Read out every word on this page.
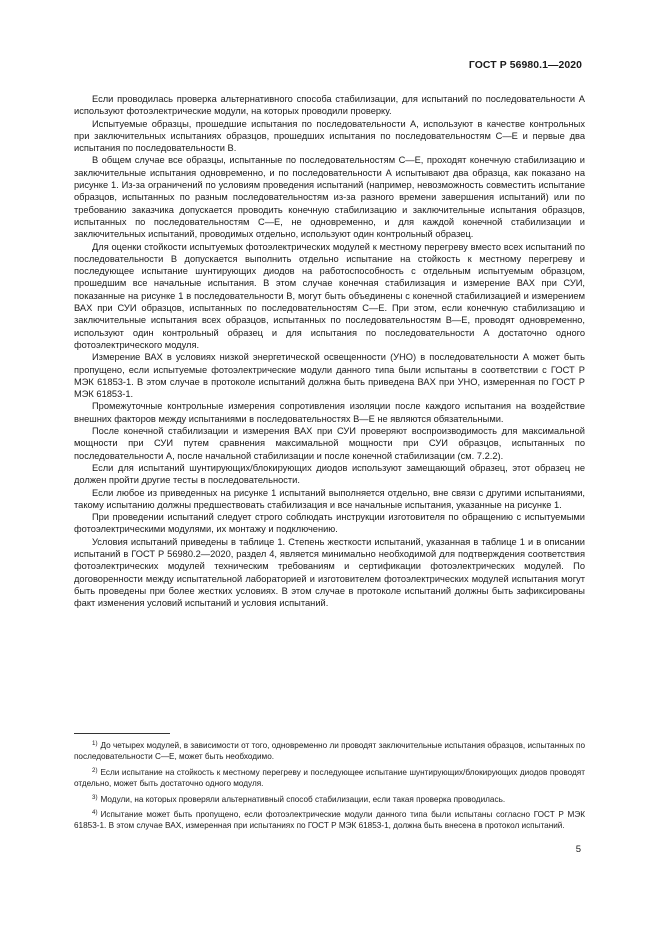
ГОСТ Р 56980.1—2020

Если проводилась проверка альтернативного способа стабилизации, для испытаний по последовательности А используют фотоэлектрические модули, на которых проводили проверку.

Испытуемые образцы, прошедшие испытания по последовательности А, используют в качестве контрольных при заключительных испытаниях образцов, прошедших испытания по последовательностям С—Е и первые два испытания по последовательности В.

В общем случае все образцы, испытанные по последовательностям С—Е, проходят конечную стабилизацию и заключительные испытания одновременно, и по последовательности А испытывают два образца, как показано на рисунке 1. Из-за ограничений по условиям проведения испытаний (например, невозможность совместить испытание образцов, испытанных по разным последовательностям из-за разного времени завершения испытаний) или по требованию заказчика допускается проводить конечную стабилизацию и заключительные испытания образцов, испытанных по последовательностям С—Е, не одновременно, и для каждой конечной стабилизации и заключительных испытаний, проводимых отдельно, используют один контрольный образец.

Для оценки стойкости испытуемых фотоэлектрических модулей к местному перегреву вместо всех испытаний по последовательности В допускается выполнить отдельно испытание на стойкость к местному перегреву и последующее испытание шунтирующих диодов на работоспособность с отдельным испытуемым образцом, прошедшим все начальные испытания. В этом случае конечная стабилизация и измерение ВАХ при СУИ, показанные на рисунке 1 в последовательности В, могут быть объединены с конечной стабилизацией и измерением ВАХ при СУИ образцов, испытанных по последовательностям С—Е. При этом, если конечную стабилизацию и заключительные испытания всех образцов, испытанных по последовательностям В—Е, проводят одновременно, используют один контрольный образец и для испытания по последовательности А достаточно одного фотоэлектрического модуля.

Измерение ВАХ в условиях низкой энергетической освещенности (УНО) в последовательности А может быть пропущено, если испытуемые фотоэлектрические модули данного типа были испытаны в соответствии с ГОСТ Р МЭК 61853-1. В этом случае в протоколе испытаний должна быть приведена ВАХ при УНО, измеренная по ГОСТ Р МЭК 61853-1.

Промежуточные контрольные измерения сопротивления изоляции после каждого испытания на воздействие внешних факторов между испытаниями в последовательностях В—Е не являются обязательными.

После конечной стабилизации и измерения ВАХ при СУИ проверяют воспроизводимость для максимальной мощности при СУИ путем сравнения максимальной мощности при СУИ образцов, испытанных по последовательности А, после начальной стабилизации и после конечной стабилизации (см. 7.2.2).

Если для испытаний шунтирующих/блокирующих диодов используют замещающий образец, этот образец не должен пройти другие тесты в последовательности.

Если любое из приведенных на рисунке 1 испытаний выполняется отдельно, вне связи с другими испытаниями, такому испытанию должны предшествовать стабилизация и все начальные испытания, указанные на рисунке 1.

При проведении испытаний следует строго соблюдать инструкции изготовителя по обращению с испытуемыми фотоэлектрическими модулями, их монтажу и подключению.

Условия испытаний приведены в таблице 1. Степень жесткости испытаний, указанная в таблице 1 и в описании испытаний в ГОСТ Р 56980.2—2020, раздел 4, является минимально необходимой для подтверждения соответствия фотоэлектрических модулей техническим требованиям и сертификации фотоэлектрических модулей. По договоренности между испытательной лабораторией и изготовителем фотоэлектрических модулей испытания могут быть проведены при более жестких условиях. В этом случае в протоколе испытаний должны быть зафиксированы факт изменения условий испытаний и условия испытаний.

$^{1)}$ До четырех модулей, в зависимости от того, одновременно ли проводят заключительные испытания образцов, испытанных по последовательности С—Е, может быть необходимо.

$^{2)}$ Если испытание на стойкость к местному перегреву и последующее испытание шунтирующих/блокирующих диодов проводят отдельно, может быть достаточно одного модуля.

$^{3)}$ Модули, на которых проверяли альтернативный способ стабилизации, если такая проверка проводилась.

$^{4)}$ Испытание может быть пропущено, если фотоэлектрические модули данного типа были испытаны согласно ГОСТ Р МЭК 61853-1. В этом случае ВАХ, измеренная при испытаниях по ГОСТ Р МЭК 61853-1, должна быть внесена в протокол испытаний.

5
